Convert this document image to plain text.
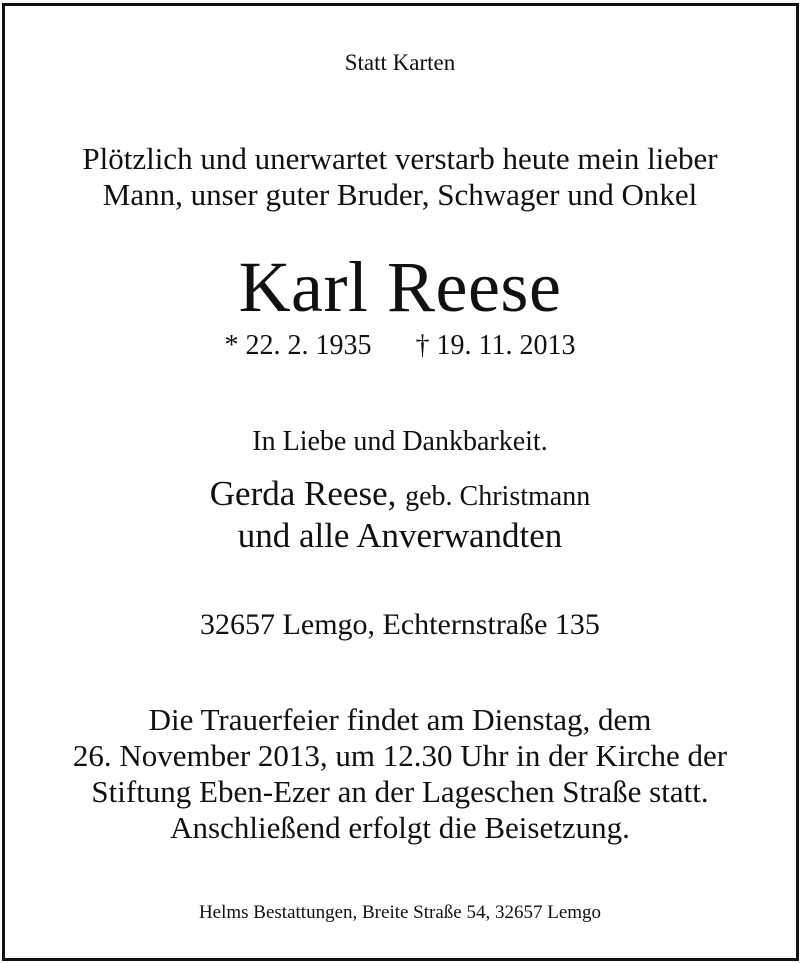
Statt Karten
Plötzlich und unerwartet verstarb heute mein lieber
Mann, unser guter Bruder, Schwager und Onkel
Karl Reese
* 22. 2. 1935 † 19. 11. 2013
In Liebe und Dankbarkeit.
Gerda Reese, geb. Christmann
und alle Anverwandten
32657 Lemgo, Echternstraße 135
Die Trauerfeier findet am Dienstag, dem
26. November 2013, um 12.30 Uhr in der Kirche der
Stiftung Eben-Ezer an der Lageschen Straße statt.
Anschließend erfolgt die Beisetzung.
Helms Bestattungen, Breite Straße 54, 32657 Lemgo
